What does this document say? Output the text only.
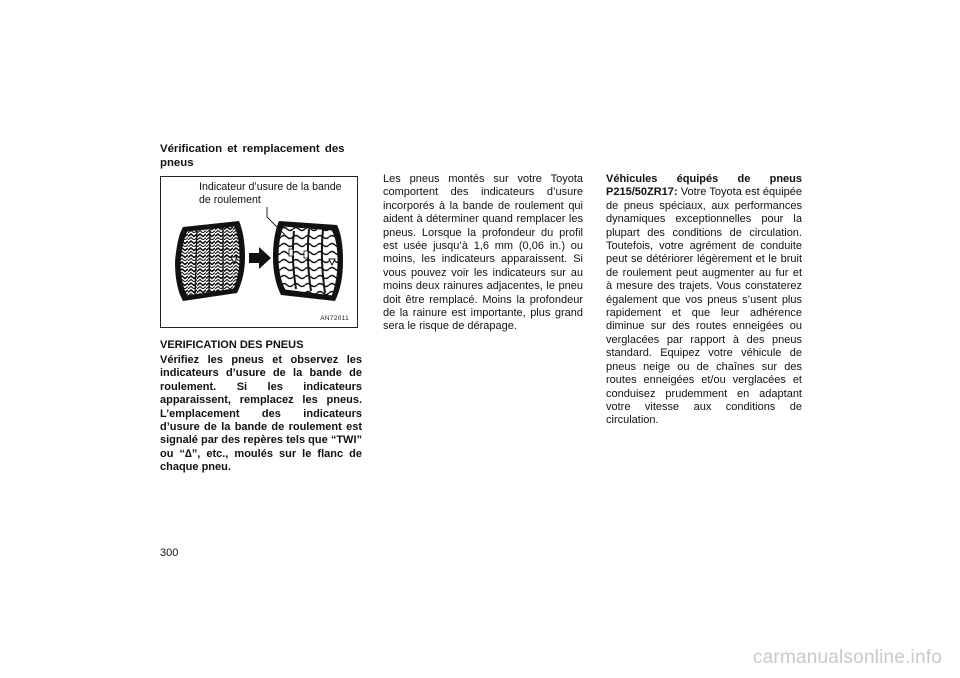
Vérification et remplacement des pneus
Indicateur d’usure de la bande de roulement
AN72011
VERIFICATION DES PNEUS
Vérifiez les pneus et observez les indicateurs d’usure de la bande de roulement. Si les indicateurs apparaissent, remplacez les pneus. L’emplacement des indicateurs d’usure de la bande de roulement est signalé par des repères tels que “TWI” ou “∆”, etc., moulés sur le flanc de chaque pneu.
Les pneus montés sur votre Toyota comportent des indicateurs d’usure incorporés à la bande de roulement qui aident à déterminer quand remplacer les pneus. Lorsque la profondeur du profil est usée jusqu’à 1,6 mm (0,06 in.) ou moins, les indicateurs apparaissent. Si vous pouvez voir les indicateurs sur au moins deux rainures adjacentes, le pneu doit être remplacé. Moins la profondeur de la rainure est importante, plus grand sera le risque de dérapage.
Véhicules équipés de pneus P215/50ZR17: Votre Toyota est équipée de pneus spéciaux, aux performances dynamiques exceptionnelles pour la plupart des conditions de circulation. Toutefois, votre agrément de conduite peut se détériorer légèrement et le bruit de roulement peut augmenter au fur et à mesure des trajets. Vous constaterez également que vos pneus s’usent plus rapidement et que leur adhérence diminue sur des routes enneigées ou verglacées par rapport à des pneus standard. Equipez votre véhicule de pneus neige ou de chaînes sur des routes enneigées et/ou verglacées et conduisez prudemment en adaptant votre vitesse aux conditions de circulation.
300
carmanualsonline.info
